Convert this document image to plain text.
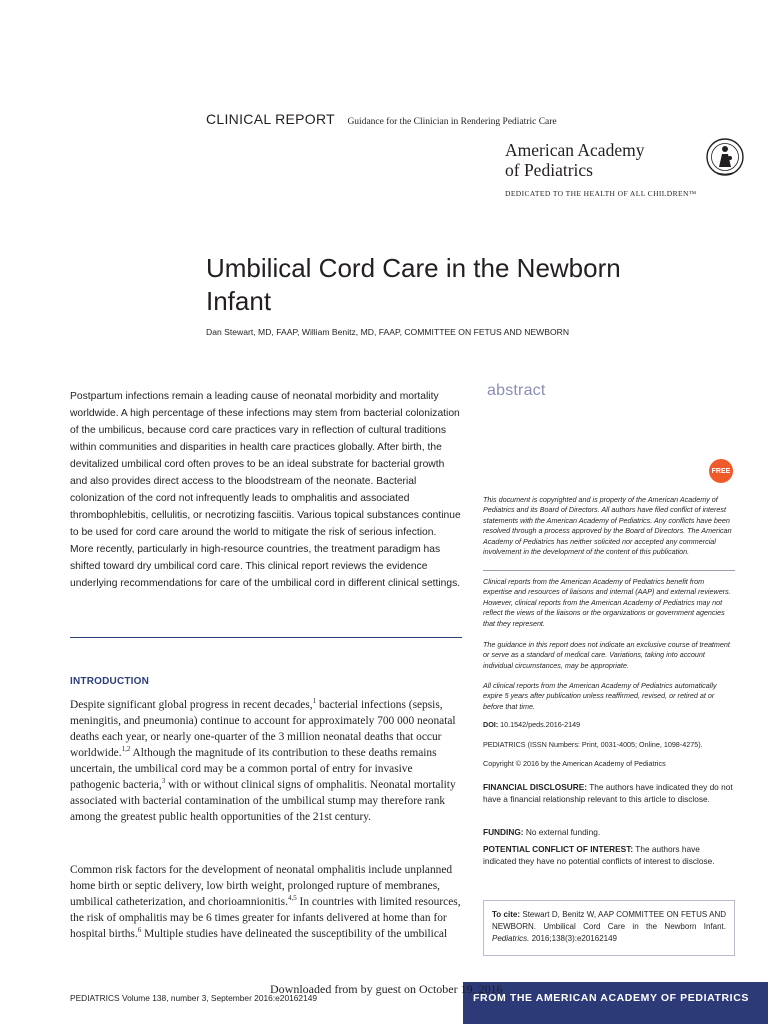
CLINICAL REPORT Guidance for the Clinician in Rendering Pediatric Care
American Academy
of Pediatrics
DEDICATED TO THE HEALTH OF ALL CHILDREN™
Umbilical Cord Care in the Newborn Infant
Dan Stewart, MD, FAAP, William Benitz, MD, FAAP, COMMITTEE ON FETUS AND NEWBORN
Postpartum infections remain a leading cause of neonatal morbidity and mortality worldwide. A high percentage of these infections may stem from bacterial colonization of the umbilicus, because cord care practices vary in reflection of cultural traditions within communities and disparities in health care practices globally. After birth, the devitalized umbilical cord often proves to be an ideal substrate for bacterial growth and also provides direct access to the bloodstream of the neonate. Bacterial colonization of the cord not infrequently leads to omphalitis and associated thrombophlebitis, cellulitis, or necrotizing fasciitis. Various topical substances continue to be used for cord care around the world to mitigate the risk of serious infection. More recently, particularly in high-resource countries, the treatment paradigm has shifted toward dry umbilical cord care. This clinical report reviews the evidence underlying recommendations for care of the umbilical cord in different clinical settings.
abstract
FREE
This document is copyrighted and is property of the American Academy of Pediatrics and its Board of Directors. All authors have filed conflict of interest statements with the American Academy of Pediatrics. Any conflicts have been resolved through a process approved by the Board of Directors. The American Academy of Pediatrics has neither solicited nor accepted any commercial involvement in the development of the content of this publication.
Clinical reports from the American Academy of Pediatrics benefit from expertise and resources of liaisons and internal (AAP) and external reviewers. However, clinical reports from the American Academy of Pediatrics may not reflect the views of the liaisons or the organizations or government agencies that they represent.
The guidance in this report does not indicate an exclusive course of treatment or serve as a standard of medical care. Variations, taking into account individual circumstances, may be appropriate.
All clinical reports from the American Academy of Pediatrics automatically expire 5 years after publication unless reaffirmed, revised, or retired at or before that time.
DOI: 10.1542/peds.2016-2149
PEDIATRICS (ISSN Numbers: Print, 0031-4005; Online, 1098-4275).
Copyright © 2016 by the American Academy of Pediatrics
FINANCIAL DISCLOSURE: The authors have indicated they do not have a financial relationship relevant to this article to disclose.
FUNDING: No external funding.
POTENTIAL CONFLICT OF INTEREST: The authors have indicated they have no potential conflicts of interest to disclose.
To cite: Stewart D, Benitz W, AAP COMMITTEE ON FETUS AND NEWBORN. Umbilical Cord Care in the Newborn Infant. Pediatrics. 2016;138(3):e20162149
INTRODUCTION
Despite significant global progress in recent decades,$^1$ bacterial infections (sepsis, meningitis, and pneumonia) continue to account for approximately 700 000 neonatal deaths each year, or nearly one-quarter of the 3 million neonatal deaths that occur worldwide.$^{1,2}$ Although the magnitude of its contribution to these deaths remains uncertain, the umbilical cord may be a common portal of entry for invasive pathogenic bacteria,$^3$ with or without clinical signs of omphalitis. Neonatal mortality associated with bacterial contamination of the umbilical stump may therefore rank among the greatest public health opportunities of the 21st century.
Common risk factors for the development of neonatal omphalitis include unplanned home birth or septic delivery, low birth weight, prolonged rupture of membranes, umbilical catheterization, and chorioamnionitis.$^{4,5}$ In countries with limited resources, the risk of omphalitis may be 6 times greater for infants delivered at home than for hospital births.$^6$ Multiple studies have delineated the susceptibility of the umbilical
FROM THE AMERICAN ACADEMY OF PEDIATRICS
PEDIATRICS Volume 138, number 3, September 2016:e20162149
Downloaded from by guest on October 19, 2016
